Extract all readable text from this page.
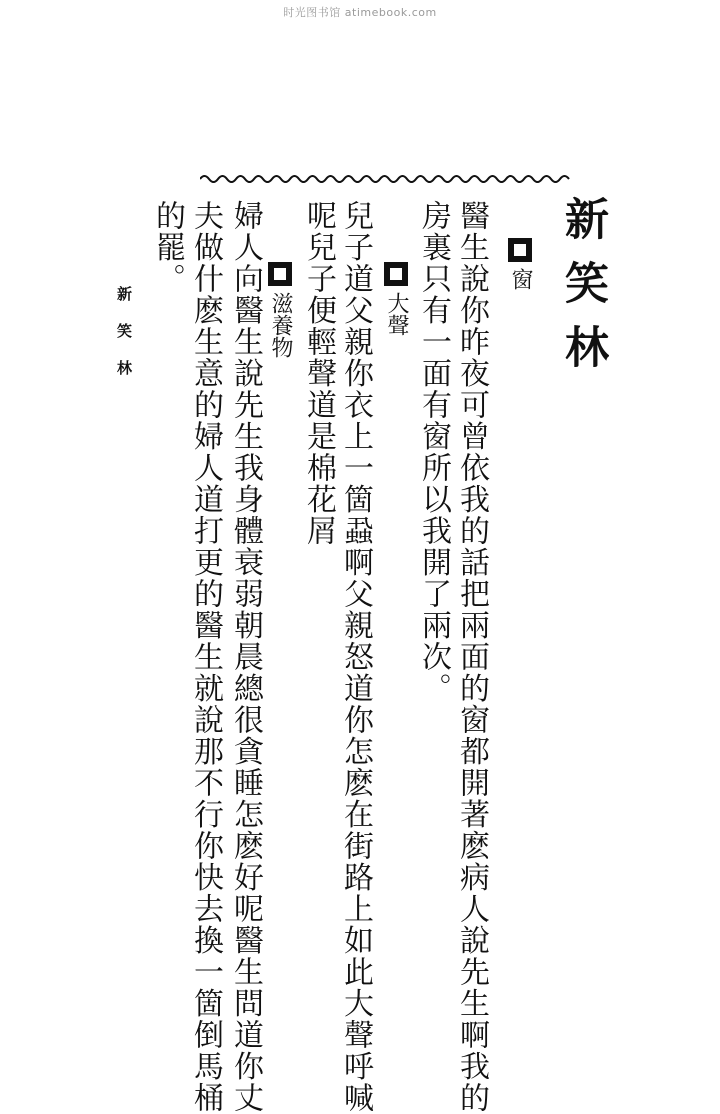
时光图书馆 atimebook.com
新笑林
窗
醫生說你昨夜可曾依我的話把兩面的窗都開著麽病人說先生啊我的
房裏只有一面有窗所以我開了兩次。
大聲
兒子道父親你衣上一箇蝨啊父親怒道你怎麽在街路上如此大聲呼喊
呢兒子便輕聲道是棉花屑
滋養物
婦人向醫生說先生我身體衰弱朝晨總很貪睡怎麽好呢醫生問道你丈
夫做什麽生意的婦人道打更的醫生就說那不行你快去換一箇倒馬桶
的罷。
新笑林
